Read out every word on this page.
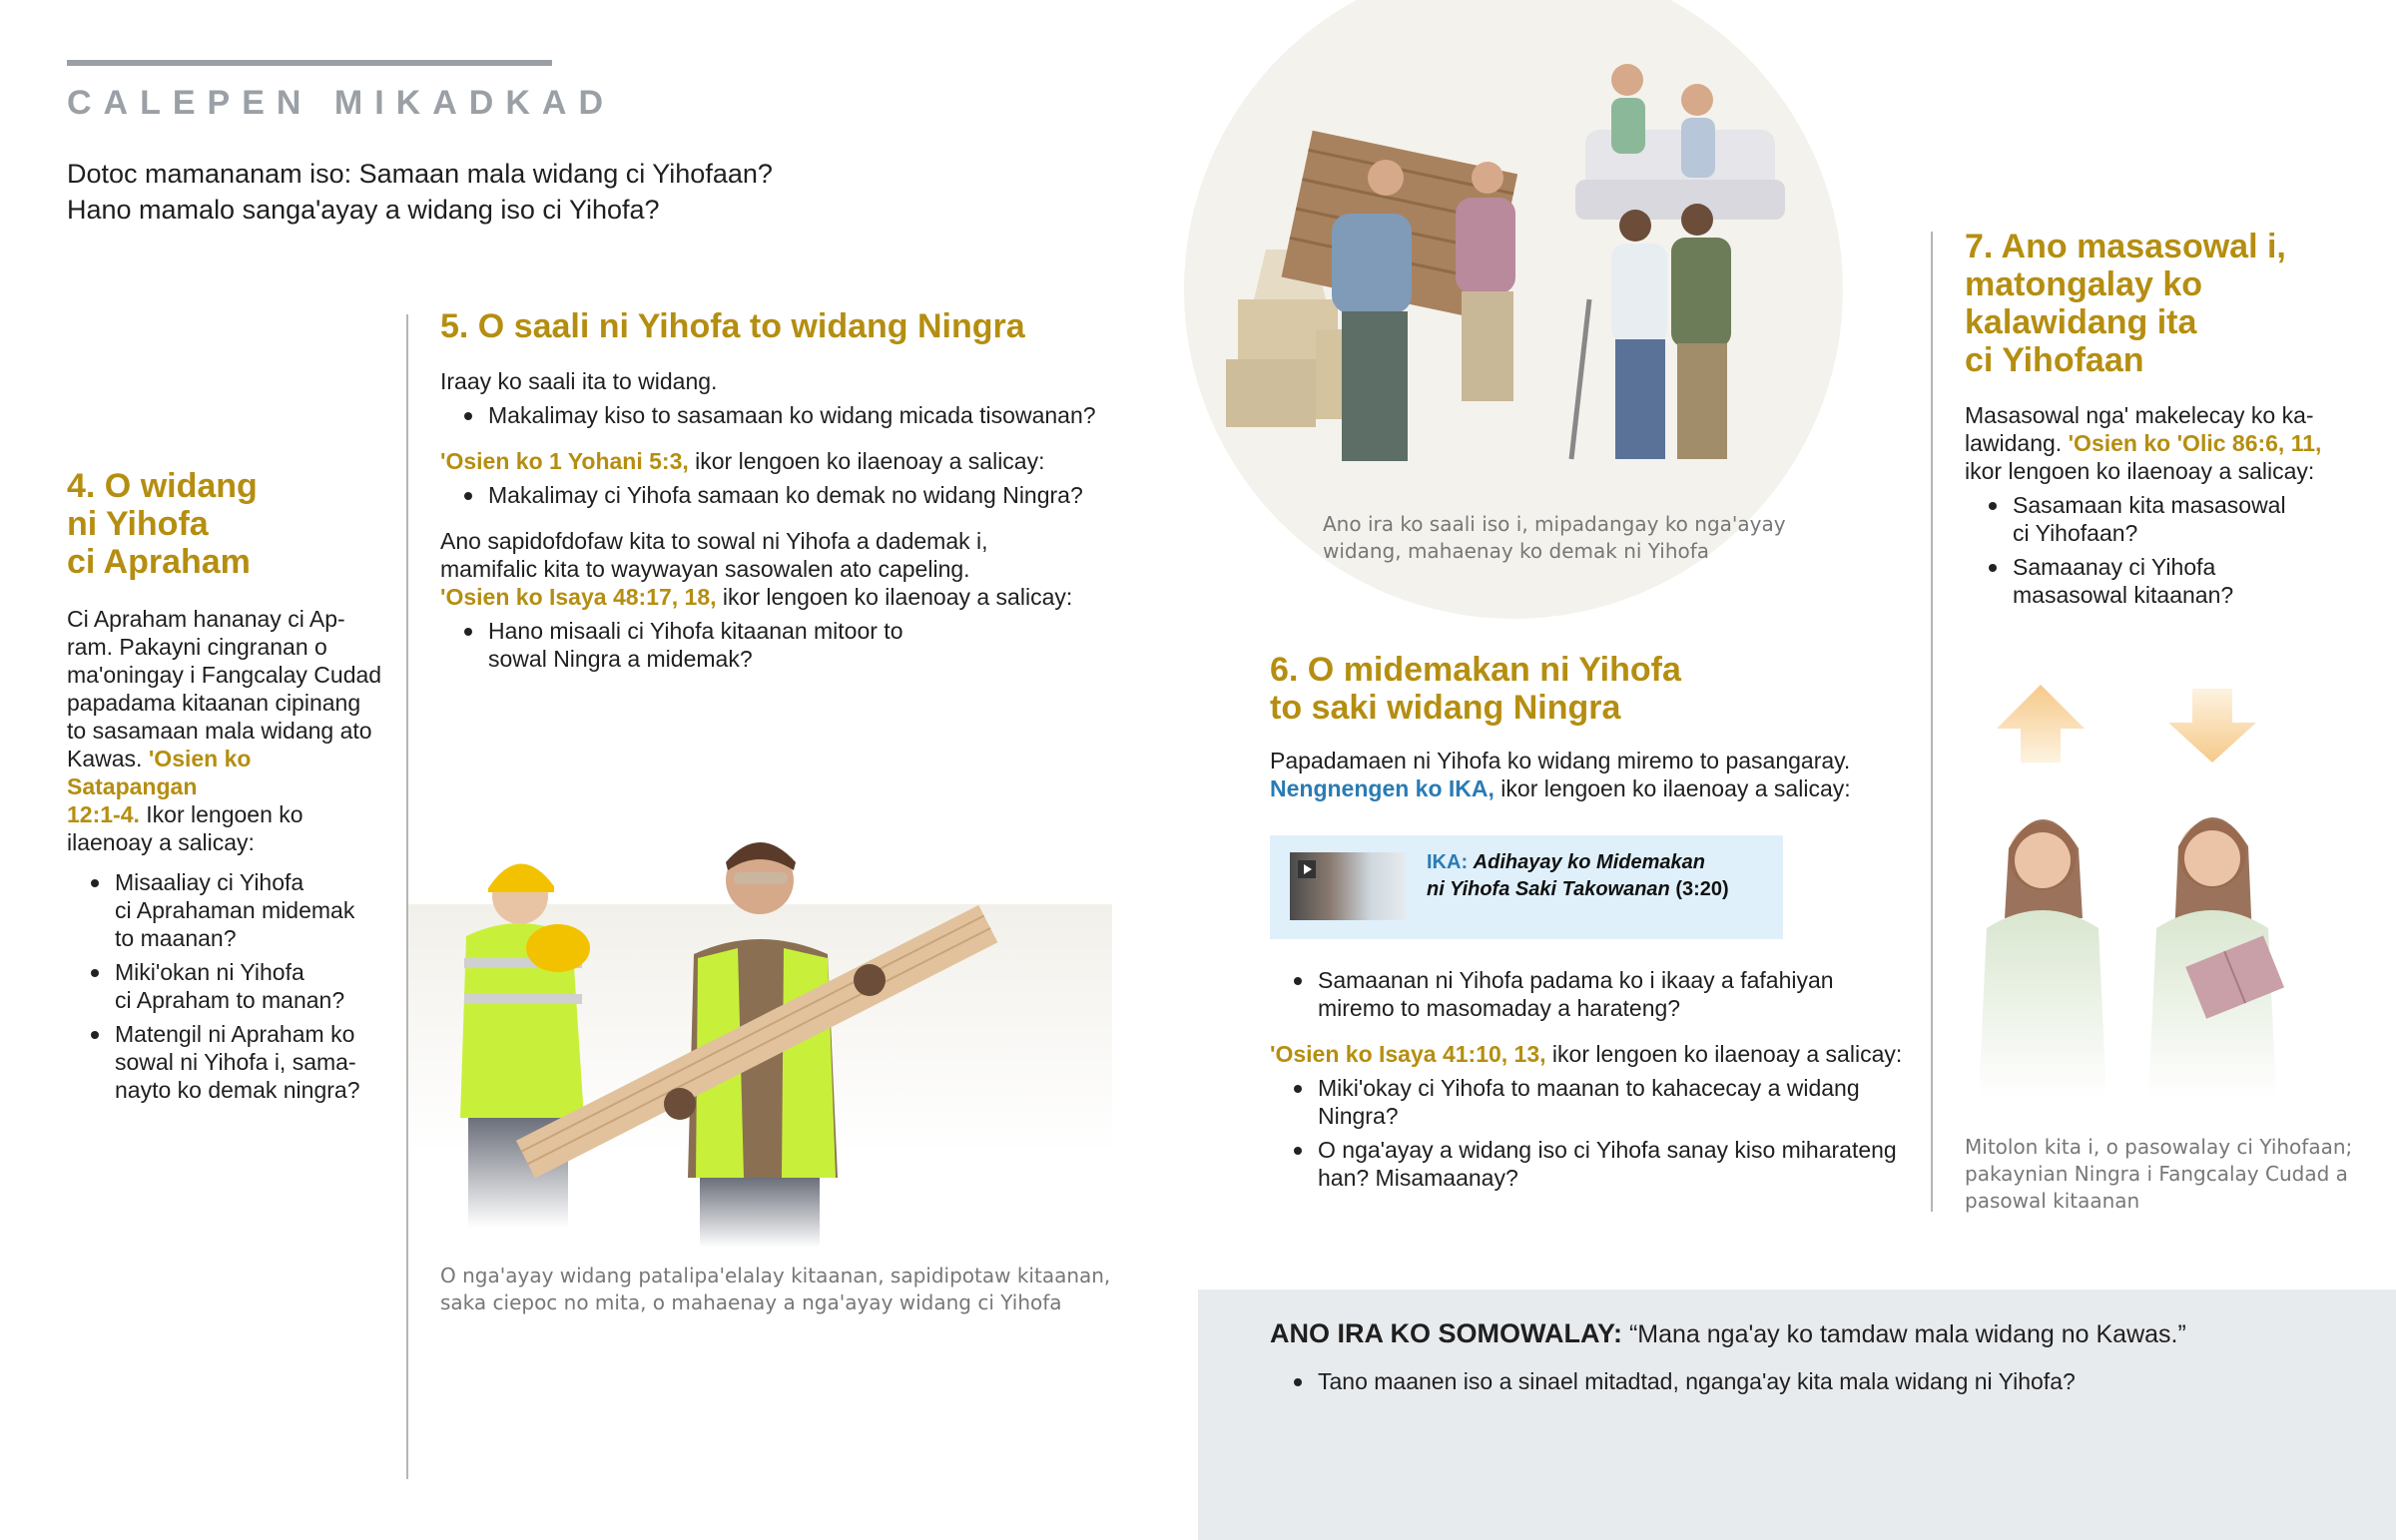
CALEPEN MIKADKAD
Dotoc mamananam iso: Samaan mala widang ci Yihofaan?
Hano mamalo sanga'ayay a widang iso ci Yihofa?
4. O widang
ni Yihofa
ci Apraham
Ci Apraham hananay ci Ap-
ram. Pakayni cingranan o
ma'oningay i Fangcalay Cudad
papadama kitaanan cipinang
to sasamaan mala widang ato
Kawas. 'Osien ko Satapangan
12:1-4. Ikor lengoen ko
ilaenoay a salicay:
Misaaliay ci Yihofa
ci Aprahaman midemak
to maanan?
Miki'okan ni Yihofa
ci Apraham to manan?
Matengil ni Apraham ko
sowal ni Yihofa i, sama-
nayto ko demak ningra?
5. O saali ni Yihofa to widang Ningra
Iraay ko saali ita to widang.
Makalimay kiso to sasamaan ko widang micada tisowanan?
'Osien ko 1 Yohani 5:3, ikor lengoen ko ilaenoay a salicay:
Makalimay ci Yihofa samaan ko demak no widang Ningra?
Ano sapidofdofaw kita to sowal ni Yihofa a dademak i,
mamifalic kita to waywayan sasowalen ato capeling.
'Osien ko Isaya 48:17, 18, ikor lengoen ko ilaenoay a salicay:
Hano misaali ci Yihofa kitaanan mitoor to
sowal Ningra a midemak?
O nga'ayay widang patalipa'elalay kitaanan, sapidipotaw kitaanan,
saka ciepoc no mita, o mahaenay a nga'ayay widang ci Yihofa
Ano ira ko saali iso i, mipadangay ko nga'ayay
widang, mahaenay ko demak ni Yihofa
6. O midemakan ni Yihofa
to saki widang Ningra
Papadamaen ni Yihofa ko widang miremo to pasangaray.
Nengnengen ko IKA, ikor lengoen ko ilaenoay a salicay:
IKA: Adihayay ko Midemakan
ni Yihofa Saki Takowanan (3:20)
Samaanan ni Yihofa padama ko i ikaay a fafahiyan
miremo to masomaday a harateng?
'Osien ko Isaya 41:10, 13, ikor lengoen ko ilaenoay a salicay:
Miki'okay ci Yihofa to maanan to kahacecay a widang
Ningra?
O nga'ayay a widang iso ci Yihofa sanay kiso miharateng
han? Misamaanay?
7. Ano masasowal i,
matongalay ko
kalawidang ita
ci Yihofaan
Masasowal nga' makelecay ko ka-
lawidang. 'Osien ko 'Olic 86:6, 11,
ikor lengoen ko ilaenoay a salicay:
Sasamaan kita masasowal
ci Yihofaan?
Samaanay ci Yihofa
masasowal kitaanan?
Mitolon kita i, o pasowalay ci Yihofaan;
pakaynian Ningra i Fangcalay Cudad a
pasowal kitaanan
ANO IRA KO SOMOWALAY: “Mana nga'ay ko tamdaw mala widang no Kawas.”
Tano maanen iso a sinael mitadtad, nganga'ay kita mala widang ni Yihofa?
